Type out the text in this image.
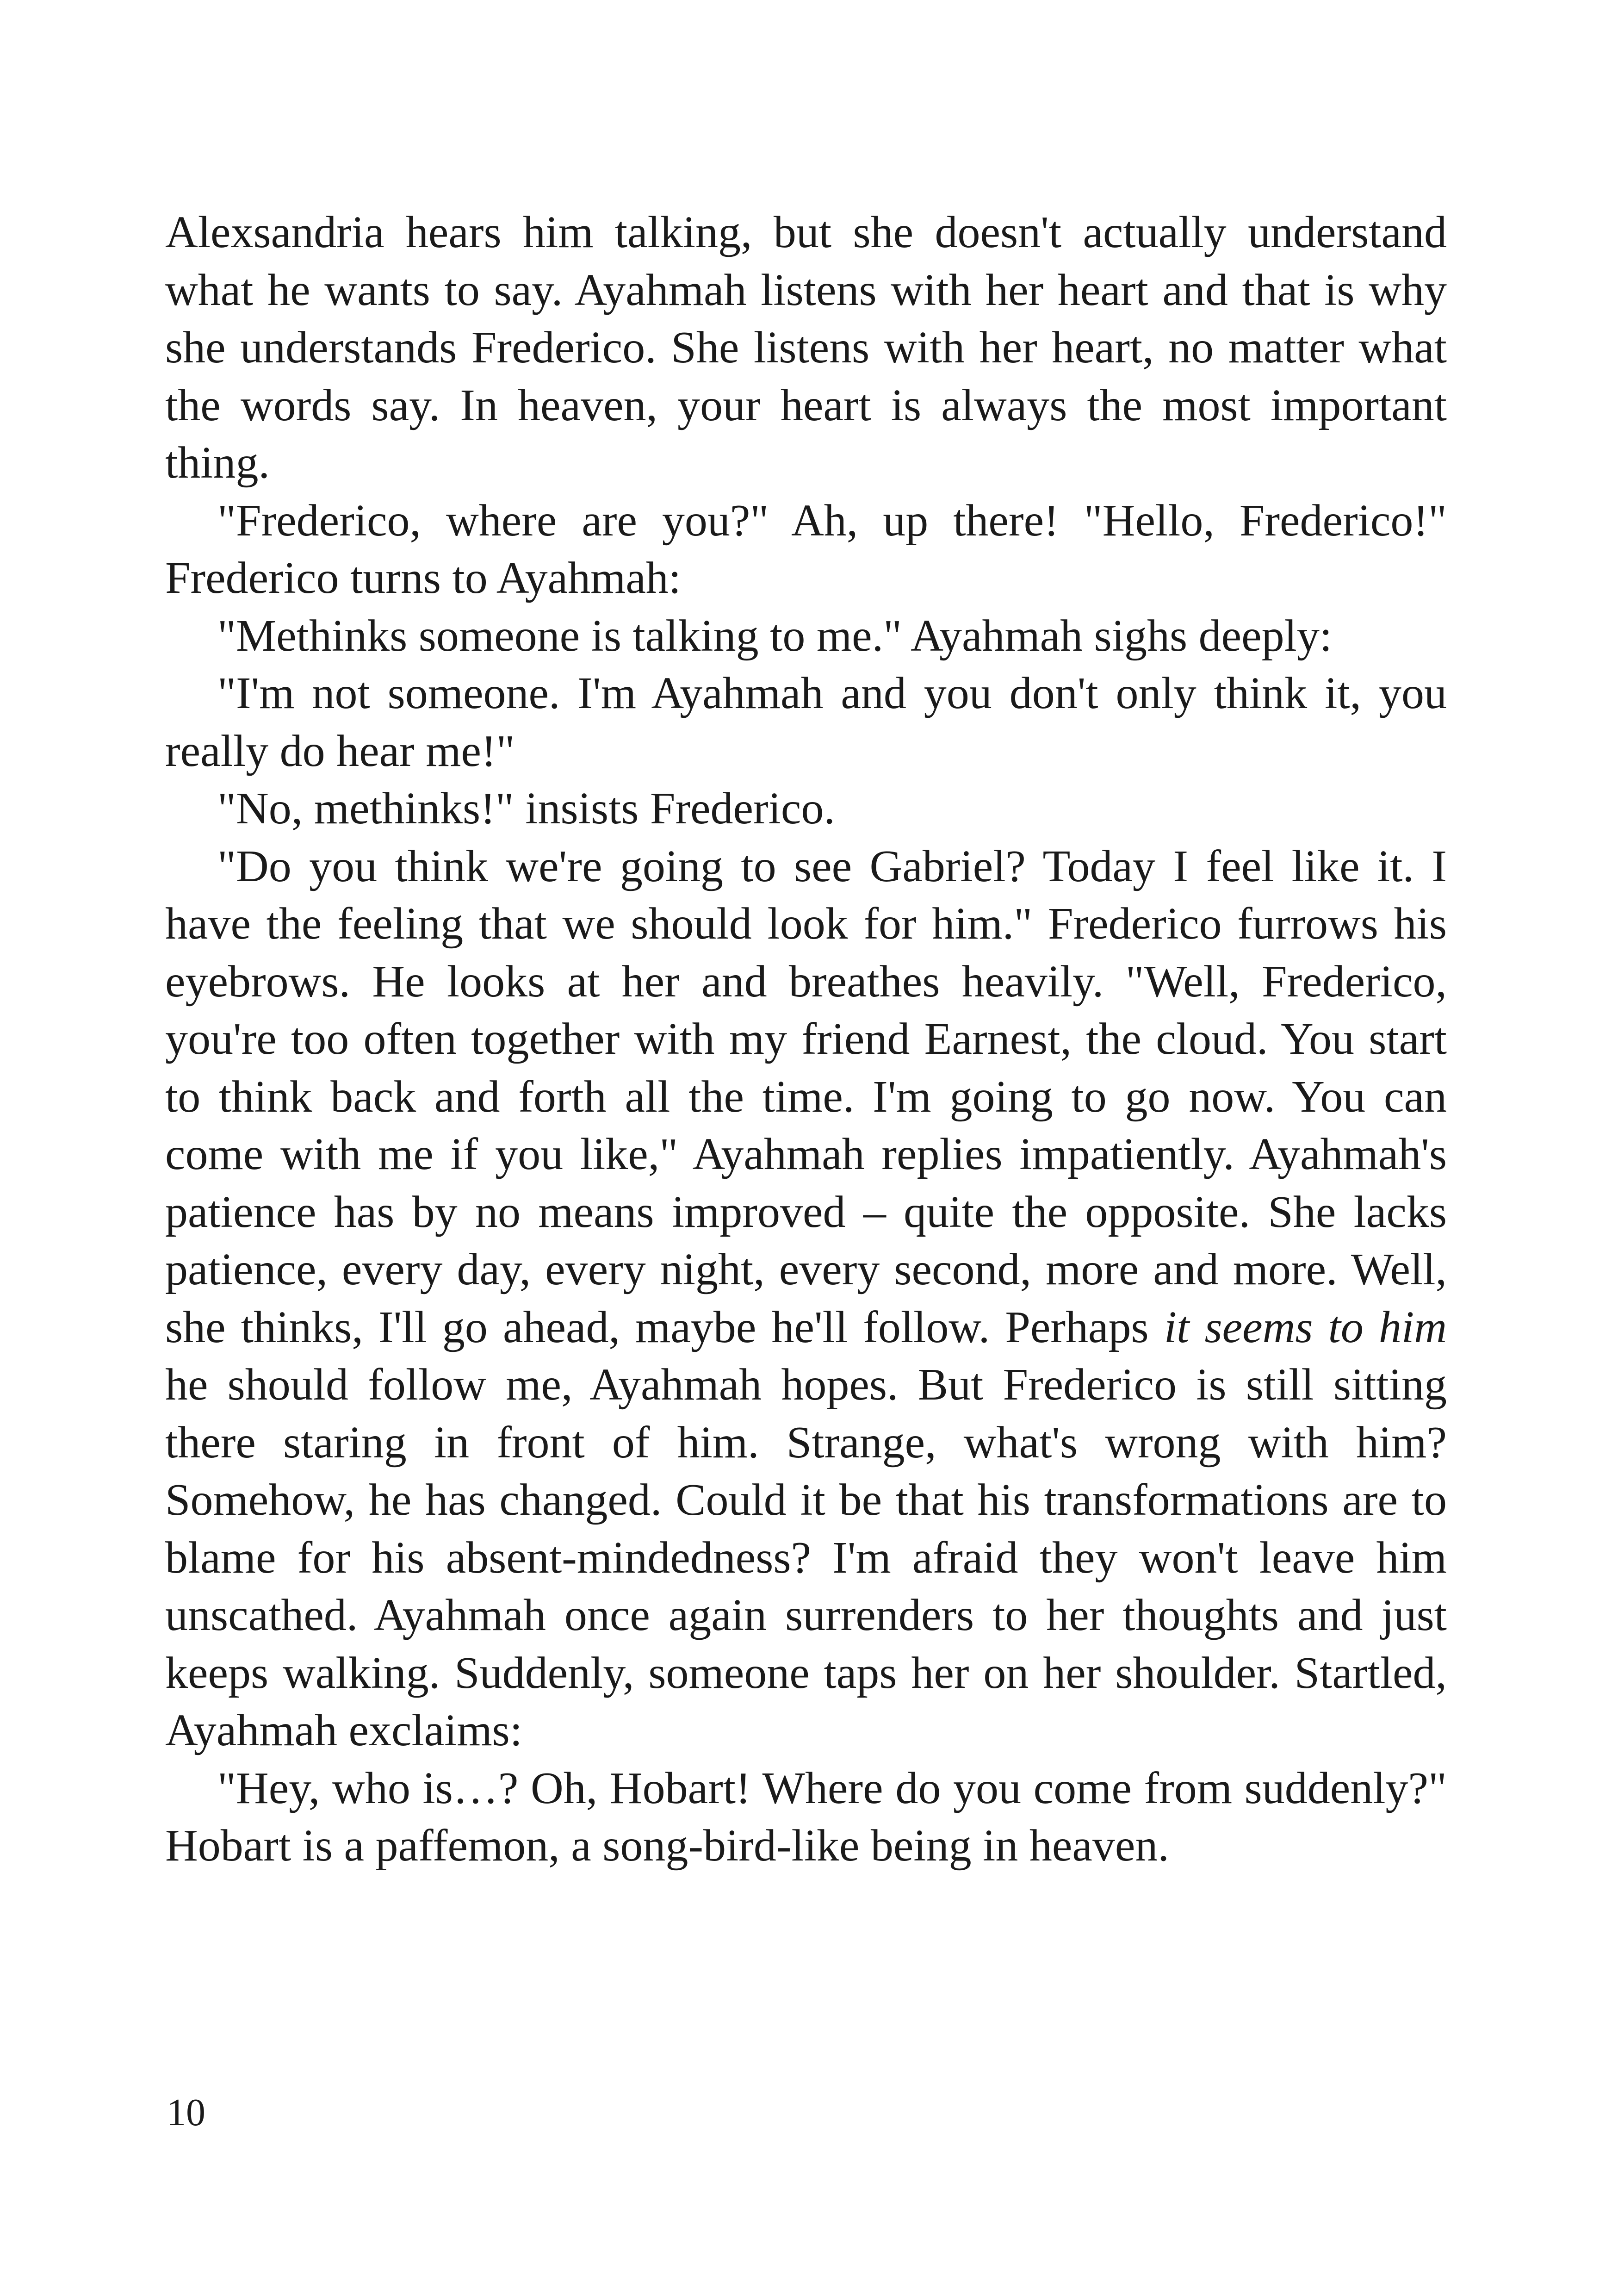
Alexsandria hears him talking, but she doesn't actually understand what he wants to say. Ayahmah listens with her heart and that is why she understands Frederico. She listens with her heart, no matter what the words say. In heaven, your heart is always the most important thing.

"Frederico, where are you?" Ah, up there! "Hello, Frederico!" Frederico turns to Ayahmah:

"Methinks someone is talking to me." Ayahmah sighs deeply:

"I'm not someone. I'm Ayahmah and you don't only think it, you really do hear me!"

"No, methinks!" insists Frederico.

"Do you think we're going to see Gabriel? Today I feel like it. I have the feeling that we should look for him." Frederico furrows his eyebrows. He looks at her and breathes heavily. "Well, Frederico, you're too often together with my friend Earnest, the cloud. You start to think back and forth all the time. I'm going to go now. You can come with me if you like," Ayahmah replies impatiently. Ayahmah's patience has by no means improved – quite the opposite. She lacks patience, every day, every night, every second, more and more. Well, she thinks, I'll go ahead, maybe he'll follow. Perhaps it seems to him he should follow me, Ayahmah hopes. But Frederico is still sitting there staring in front of him. Strange, what's wrong with him? Somehow, he has changed. Could it be that his transformations are to blame for his absent-mindedness? I'm afraid they won't leave him unscathed. Ayahmah once again surrenders to her thoughts and just keeps walking. Suddenly, someone taps her on her shoulder. Startled, Ayahmah exclaims:

"Hey, who is…? Oh, Hobart! Where do you come from suddenly?" Hobart is a paffemon, a song-bird-like being in heaven.

10
